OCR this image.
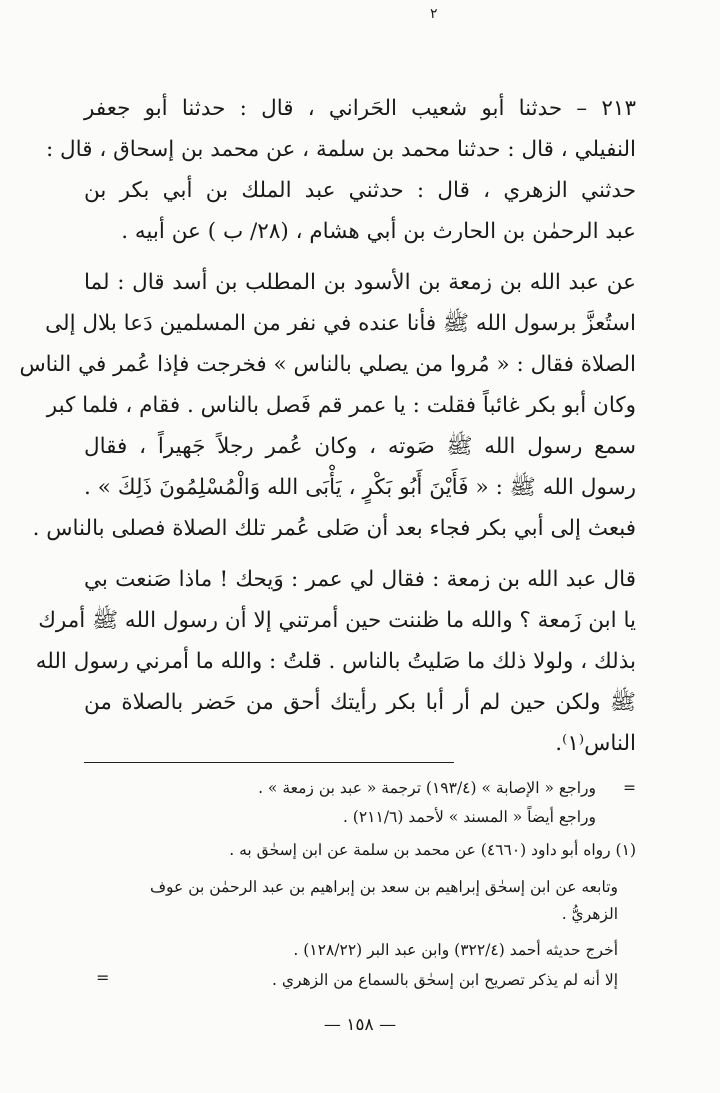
٢

٢١٣ – حدثنا أبو شعيب الحَراني ، قال : حدثنا أبو جعفر
النفيلي ، قال : حدثنا محمد بن سلمة ، عن محمد بن إسحاق ، قال :
حدثني الزهري ، قال : حدثني عبد الملك بن أبي بكر بن
عبد الرحمٰن بن الحارث بن أبي هشام ، (٢٨/ ب ) عن أبيه .

عن عبد الله بن زمعة بن الأسود بن المطلب بن أسد قال : لما
استُعزَّ برسول الله ﷺ فأنا عنده في نفر من المسلمين دَعا بلال إلى
الصلاة فقال : « مُروا من يصلي بالناس » فخرجت فإذا عُمر في الناس
وكان أبو بكر غائباً فقلت : يا عمر قم فَصل بالناس . فقام ، فلما كبر
سمع رسول الله ﷺ صَوته ، وكان عُمر رجلاً جَهيراً ، فقال
رسول الله ﷺ : « فَأَيْنَ أَبُو بَكْرٍ ، يَأْبَى الله وَالْمُسْلِمُونَ ذَلِكَ » .
فبعث إلى أبي بكر فجاء بعد أن صَلى عُمر تلك الصلاة فصلى بالناس .

قال عبد الله بن زمعة : فقال لي عمر : وَيحك ! ماذا صَنعت بي
يا ابن زَمعة ؟ والله ما ظننت حين أمرتني إلا أن رسول الله ﷺ أمرك
بذلك ، ولولا ذلك ما صَليتُ بالناس . قلتُ : والله ما أمرني رسول الله
ﷺ ولكن حين لم أر أبا بكر رأيتك أحق من حَضر بالصلاة من
الناس⁽١⁾.

=
وراجع « الإصابة » (١٩٣/٤) ترجمة « عبد بن زمعة » .
وراجع أيضاً « المسند » لأحمد (٢١١/٦) .
(١) رواه أبو داود (٤٦٦٠) عن محمد بن سلمة عن ابن إسحٰق به .
وتابعه عن ابن إسحٰق إبراهيم بن سعد بن إبراهيم بن عبد الرحمٰن بن عوف
الزهريُّ .
أخرج حديثه أحمد (٣٢٢/٤) وابن عبد البر (١٢٨/٢٢) .
إلا أنه لم يذكر تصريح ابن إسحٰق بالسماع من الزهري .
=
— ١٥٨ —
